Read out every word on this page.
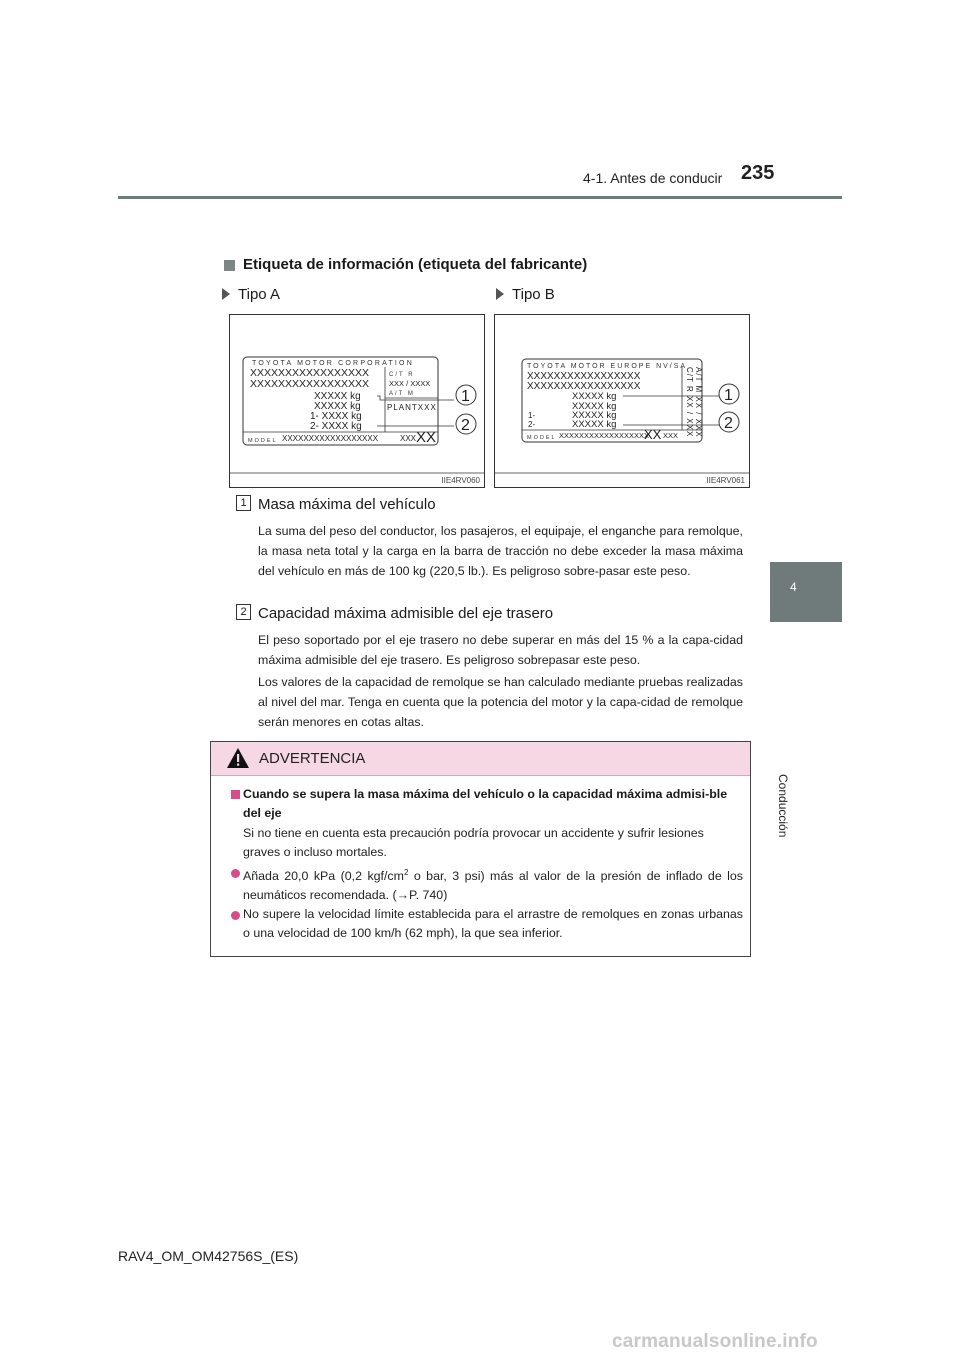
4-1. Antes de conducir 235
4
Conducción
Etiqueta de información (etiqueta del fabricante)
Tipo A	Tipo B
TOYOTA MOTOR CORPORATION
XXXXXXXXXXXXXXXXX
XXXXXXXXXXXXXXXXX
C/T R
XXX / XXXX
A/T M
XXXXX kg
XXXXX kg
1- XXXX kg
2- XXXX kg
PLANTXXX
MODEL XXXXXXXXXXXXXXXXXX	XXX XX
1
2
IIE4RV060
TOYOTA MOTOR EUROPE NV/SA
XXXXXXXXXXXXXXXXX
XXXXXXXXXXXXXXXXX
XXXXX kg
XXXXX kg
XXXXX kg
XXXXX kg
1-
2-	C/T R XX / XXX A/T M XX / XXX
MODEL XXXXXXXXXXXXXXXXXX
XX XXX
1
2
IIE4RV061
1 Masa máxima del vehículo
La suma del peso del conductor, los pasajeros, el equipaje, el enganche para remolque, la masa neta total y la carga en la barra de tracción no debe exceder la masa máxima del vehículo en más de 100 kg (220,5 lb.). Es peligroso sobre-pasar este peso.
2 Capacidad máxima admisible del eje trasero
El peso soportado por el eje trasero no debe superar en más del 15 % a la capa-cidad máxima admisible del eje trasero. Es peligroso sobrepasar este peso.
Los valores de la capacidad de remolque se han calculado mediante pruebas realizadas al nivel del mar. Tenga en cuenta que la potencia del motor y la capa-cidad de remolque serán menores en cotas altas.
ADVERTENCIA
Cuando se supera la masa máxima del vehículo o la capacidad máxima admisi-ble del eje
Si no tiene en cuenta esta precaución podría provocar un accidente y sufrir lesiones graves o incluso mortales.
Añada 20,0 kPa (0,2 kgf/$cm^2$ o bar, 3 psi) más al valor de la presión de inflado de los neumáticos recomendada. (→P. 740)
No supere la velocidad límite establecida para el arrastre de remolques en zonas urbanas o una velocidad de 100 km/h (62 mph), la que sea inferior.
RAV4_OM_OM42756S_(ES)
carmanualsonline.info
